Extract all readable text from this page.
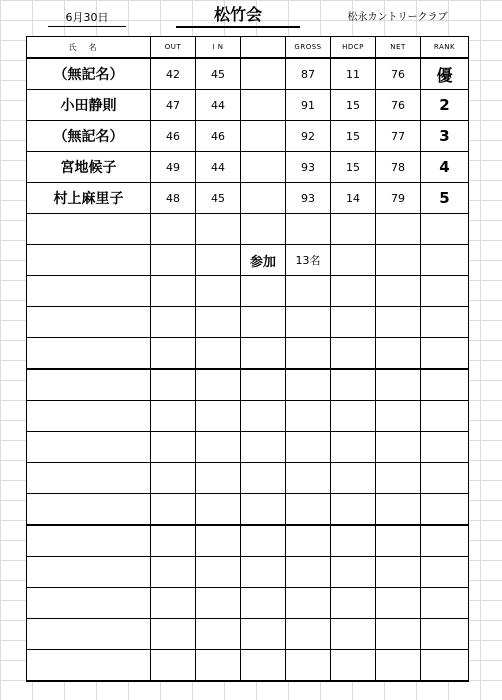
6月30日	松竹会	松永カントリークラブ
氏名	OUT	I N		GROSS	HDCP	NET	RANK
（無記名）	42	45		87	11	76	優
小田静則	47	44		91	15	76	2
（無記名）	46	46		92	15	77	3
宮地候子	49	44		93	15	78	4
村上麻里子	48	45		93	14	79	5

			参加	13名			
